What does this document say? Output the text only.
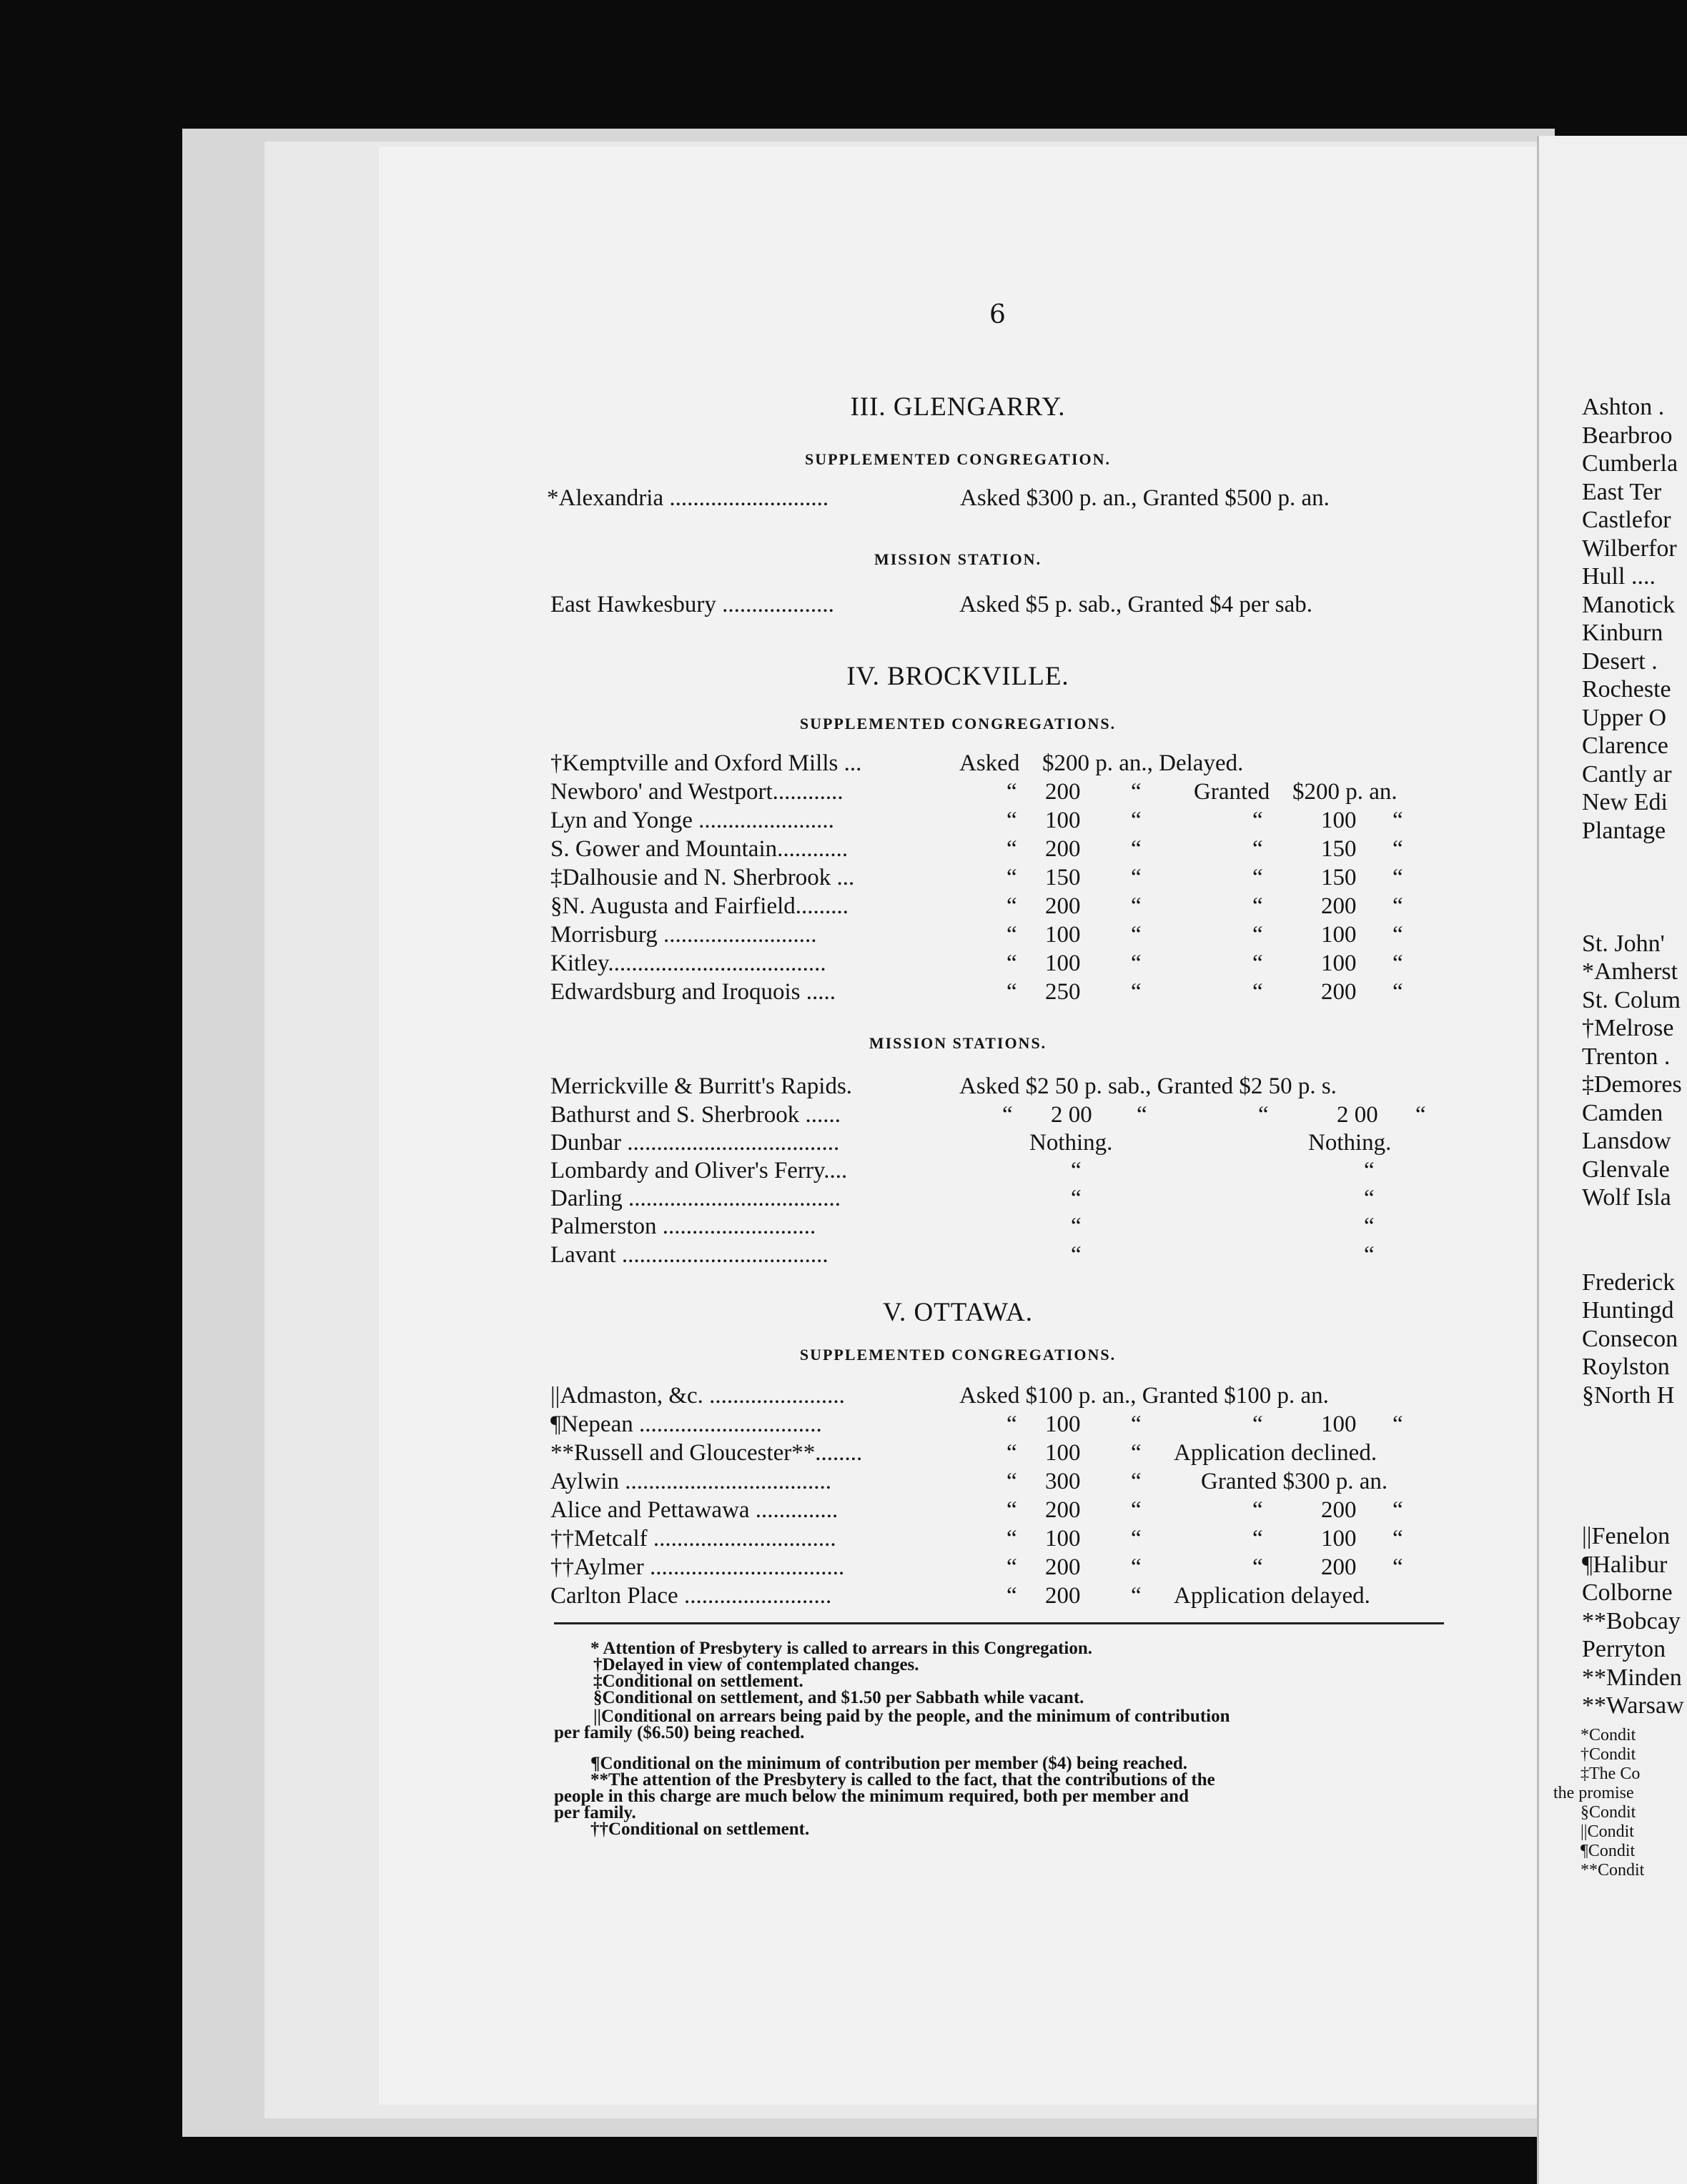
Ashton .
Bearbroo
Cumberla
East Ter
Castlefor
Wilberfor
Hull ....
Manotick
Kinburn
Desert .
Rocheste
Upper O
Clarence
Cantly ar
New Edi
Plantage

St. John'
*Amherst
St. Colum
†Melrose
Trenton .
‡Demores
Camden
Lansdow
Glenvale
Wolf Isla

Frederick
Huntingd
Consecon
Roylston
§North H

||Fenelon
¶Halibur
Colborne
**Bobcay
Perryton
**Minden
**Warsaw
*Condit
†Condit
‡The Co
the promise
§Condit
||Condit
¶Condit
**Condit
6
III. GLENGARRY.
SUPPLEMENTED CONGREGATION.
*Alexandria ...........................	Asked $300 p. an., Granted $500 p. an.
MISSION STATION.
East Hawkesbury ...................	Asked $5 p. sab., Granted $4 per sab.
IV. BROCKVILLE.
SUPPLEMENTED CONGREGATIONS.
†Kemptville and Oxford Mills ...	Asked $200 p. an., Delayed.
Newboro' and Westport............	“ 200 “ Granted $200 p. an.
Lyn and Yonge .......................	“ 100 “	“ 100 “
S. Gower and Mountain............	“ 200 “	“ 150 “
‡Dalhousie and N. Sherbrook ...	“ 150 “	“ 150 “
§N. Augusta and Fairfield.........	“ 200 “	“ 200 “
Morrisburg ..........................	“ 100 “	“ 100 “
Kitley.....................................	“ 100 “	“ 100 “
Edwardsburg and Iroquois .....	“ 250 “	“ 200 “
MISSION STATIONS.
Merrickville & Burritt's Rapids.	Asked $2 50 p. sab., Granted $2 50 p. s.
Bathurst and S. Sherbrook ......	“ 2 00 “	“	2 00 “
Dunbar ....................................	Nothing.	Nothing.
Lombardy and Oliver's Ferry....	“	“
Darling ....................................	“	“
Palmerston ..........................	“	“
Lavant ...................................	“	“
V. OTTAWA.
SUPPLEMENTED CONGREGATIONS.
||Admaston, &c. .......................	Asked $100 p. an., Granted $100 p. an.
¶Nepean ...............................	“ 100 “	“ 100 “
**Russell and Gloucester**........	“ 100 “ Application declined.
Aylwin ...................................	“ 300 “	Granted $300 p. an.
Alice and Pettawawa ..............	“ 200 “	“ 200 “
††Metcalf ...............................	“ 100 “	“ 100 “
††Aylmer .................................	“ 200 “	“ 200 “
Carlton Place .........................	“ 200 “ Application delayed.
* Attention of Presbytery is called to arrears in this Congregation.
†Delayed in view of contemplated changes.
‡Conditional on settlement.
§Conditional on settlement, and $1.50 per Sabbath while vacant.
||Conditional on arrears being paid by the people, and the minimum of contribution
per family ($6.50) being reached.
¶Conditional on the minimum of contribution per member ($4) being reached.
**The attention of the Presbytery is called to the fact, that the contributions of the
people in this charge are much below the minimum required, both per member and
per family.
††Conditional on settlement.
